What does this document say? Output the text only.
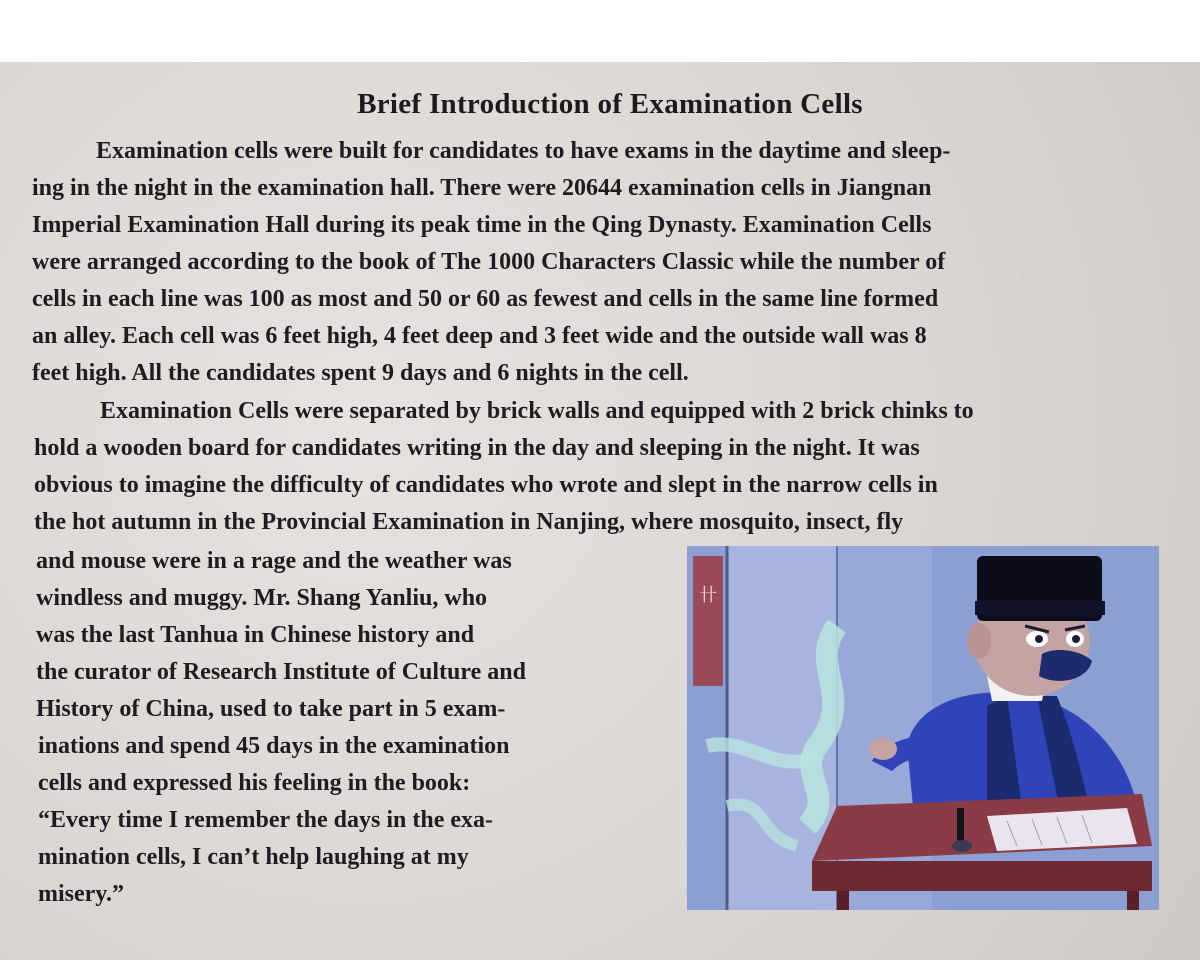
Brief Introduction of Examination Cells
Examination cells were built for candidates to have exams in the daytime and sleep-
ing in the night in the examination hall. There were 20644 examination cells in Jiangnan
Imperial Examination Hall during its peak time in the Qing Dynasty. Examination Cells
were arranged according to the book of The 1000 Characters Classic while the number of
cells in each line was 100 as most and 50 or 60 as fewest and cells in the same line formed
an alley. Each cell was 6 feet high, 4 feet deep and 3 feet wide and the outside wall was 8
feet high. All the candidates spent 9 days and 6 nights in the cell.
Examination Cells were separated by brick walls and equipped with 2 brick chinks to
hold a wooden board for candidates writing in the day and sleeping in the night. It was
obvious to imagine the difficulty of candidates who wrote and slept in the narrow cells in
the hot autumn in the Provincial Examination in Nanjing, where mosquito, insect, fly
and mouse were in a rage and the weather was
windless and muggy. Mr. Shang Yanliu, who
was the last Tanhua in Chinese history and
the curator of Research Institute of Culture and
History of China, used to take part in 5 exam-
inations and spend 45 days in the examination
cells and expressed his feeling in the book:
“Every time I remember the days in the exa-
mination cells, I can’t help laughing at my
misery.”
卄
